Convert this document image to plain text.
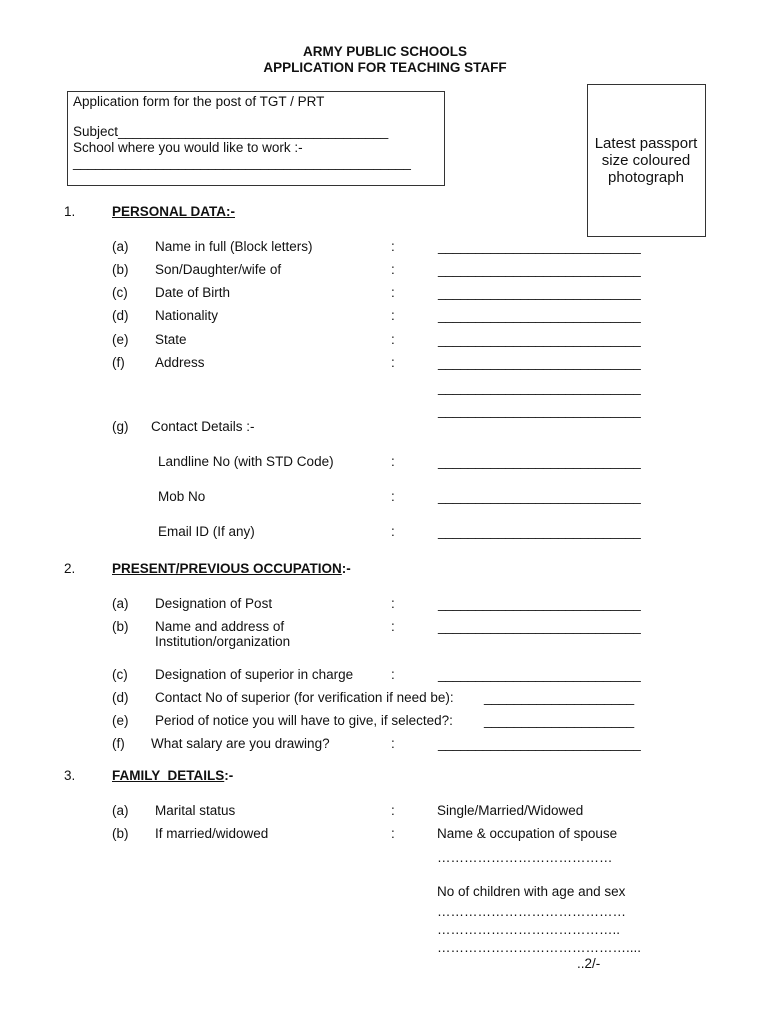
ARMY PUBLIC SCHOOLS
APPLICATION FOR TEACHING STAFF
Application form for the post of TGT / PRT
Subject____________________________________
School where you would like to work :-
_____________________________________________
Latest passport size coloured photograph
1.	PERSONAL DATA:-
(a) Name in full (Block letters)	:	___________________________
(b) Son/Daughter/wife of	:	___________________________
(c) Date of Birth	:	___________________________
(d) Nationality	:	___________________________
(e) State	:	___________________________
(f) Address	:	___________________________
___________________________
___________________________
(g) Contact Details :-
Landline No (with STD Code)	:	___________________________
Mob No	:	___________________________
Email ID (If any)	:	___________________________
2.	PRESENT/PREVIOUS OCCUPATION:-
(a) Designation of Post	:	___________________________
(b) Name and address of
Institution/organization
:	___________________________
(c) Designation of superior in charge	:	___________________________
(d) Contact No of superior (for verification if need be): ____________________
(e) Period of notice you will have to give, if selected?: ____________________
(f) What salary are you drawing?	:	___________________________
3.	FAMILY  DETAILS:-
(a) Marital status	:	Single/Married/Widowed
(b) If married/widowed	:	Name & occupation of spouse
…………………………………
No of children with age and sex
……………………………………
…………………………………..
……………………………………....
..2/-
